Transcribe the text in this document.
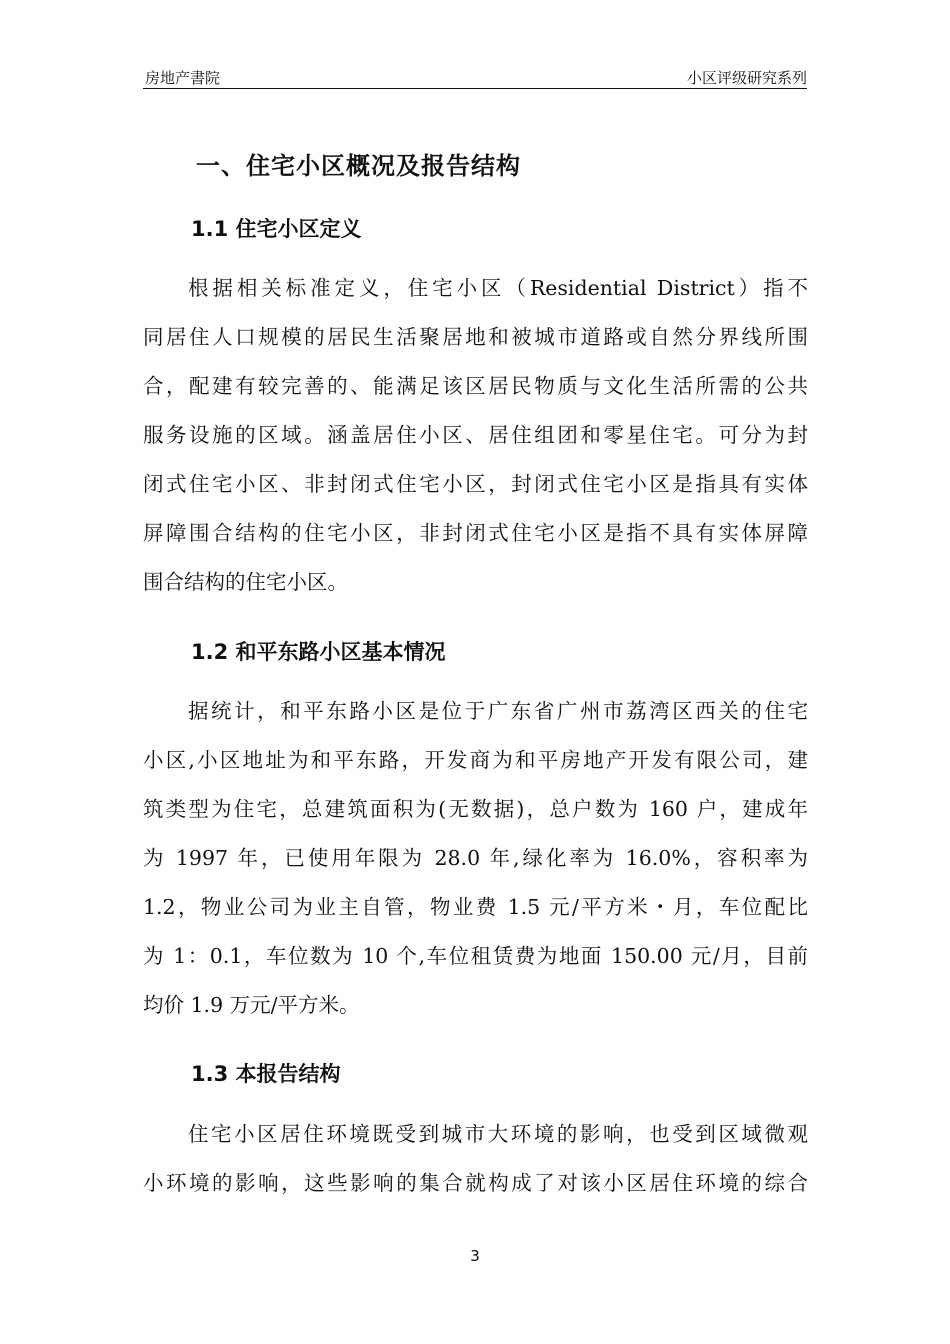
房地产書院	小区评级研究系列
一、住宅小区概况及报告结构
1.1 住宅小区定义
根据相关标准定义，住宅小区（Residential District）指不
同居住人口规模的居民生活聚居地和被城市道路或自然分界线所围
合，配建有较完善的、能满足该区居民物质与文化生活所需的公共
服务设施的区域。涵盖居住小区、居住组团和零星住宅。可分为封
闭式住宅小区、非封闭式住宅小区，封闭式住宅小区是指具有实体
屏障围合结构的住宅小区，非封闭式住宅小区是指不具有实体屏障
围合结构的住宅小区。
1.2 和平东路小区基本情况
据统计，和平东路小区是位于广东省广州市荔湾区西关的住宅
小区,小区地址为和平东路，开发商为和平房地产开发有限公司，建
筑类型为住宅，总建筑面积为(无数据)，总户数为 160 户，建成年
为 1997 年，已使用年限为 28.0 年,绿化率为 16.0%，容积率为
1.2，物业公司为业主自管，物业费 1.5 元/平方米・月，车位配比
为 1：0.1，车位数为 10 个,车位租赁费为地面 150.00 元/月，目前
均价 1.9 万元/平方米。
1.3 本报告结构
住宅小区居住环境既受到城市大环境的影响，也受到区域微观
小环境的影响，这些影响的集合就构成了对该小区居住环境的综合
3
